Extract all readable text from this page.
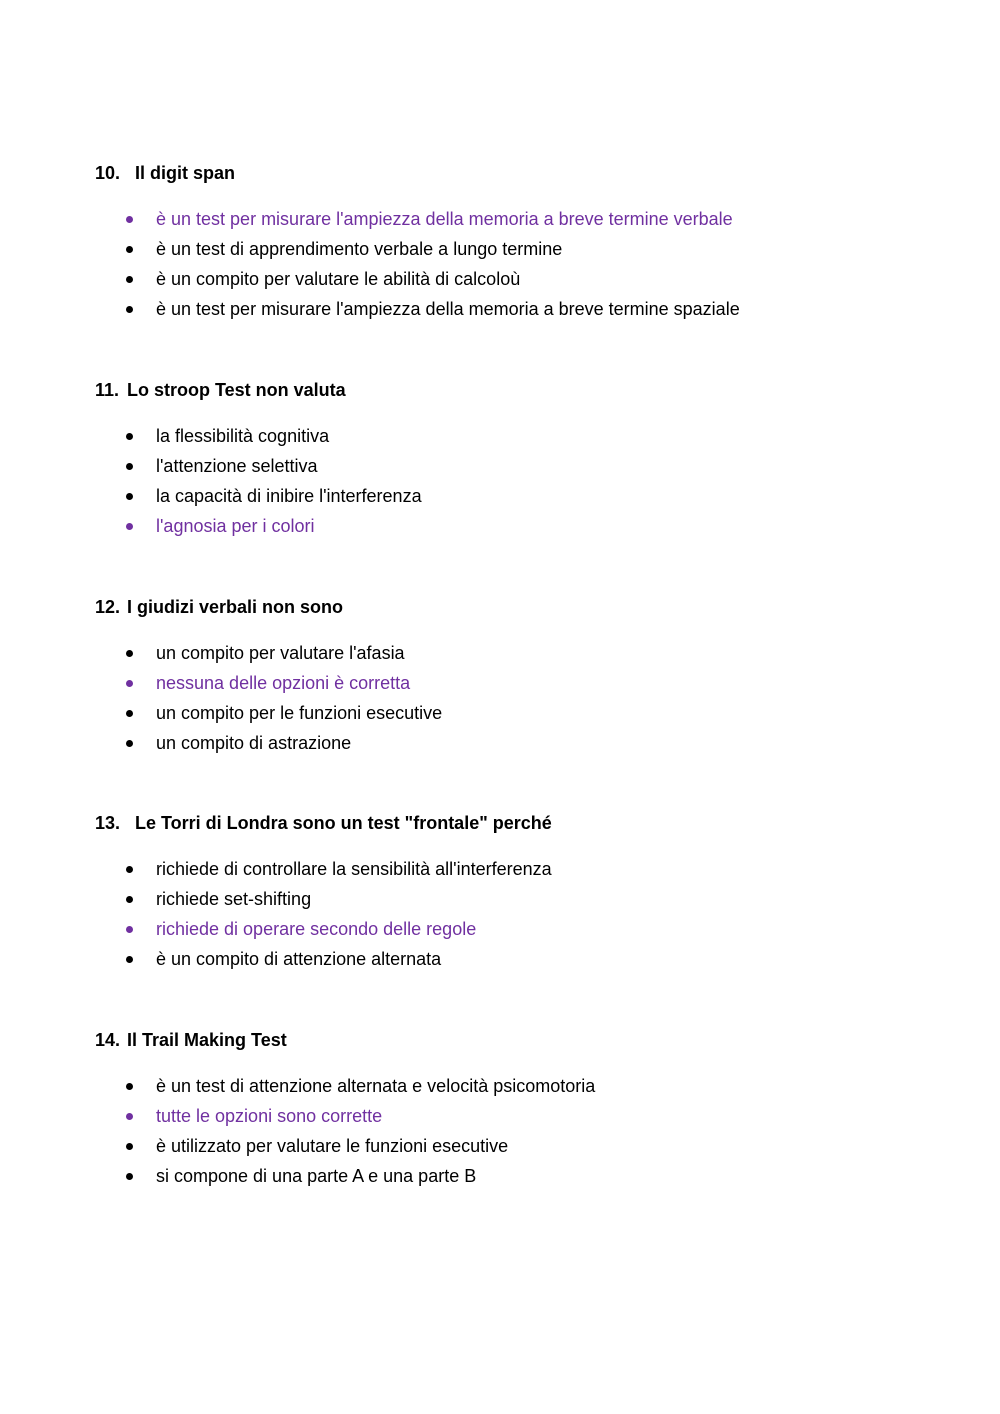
10. Il digit span

è un test per misurare l'ampiezza della memoria a breve termine verbale
è un test di apprendimento verbale a lungo termine
è un compito per valutare le abilità di calcoloù
è un test per misurare l'ampiezza della memoria a breve termine spaziale

11. Lo stroop Test non valuta

la flessibilità cognitiva
l'attenzione selettiva
la capacità di inibire l'interferenza
l'agnosia per i colori

12. I giudizi verbali non sono

un compito per valutare l'afasia
nessuna delle opzioni è corretta
un compito per le funzioni esecutive
un compito di astrazione

13. Le Torri di Londra sono un test "frontale" perché

richiede di controllare la sensibilità all'interferenza
richiede set-shifting
richiede di operare secondo delle regole
è un compito di attenzione alternata

14. Il Trail Making Test

è un test di attenzione alternata e velocità psicomotoria
tutte le opzioni sono corrette
è utilizzato per valutare le funzioni esecutive
si compone di una parte A e una parte B
